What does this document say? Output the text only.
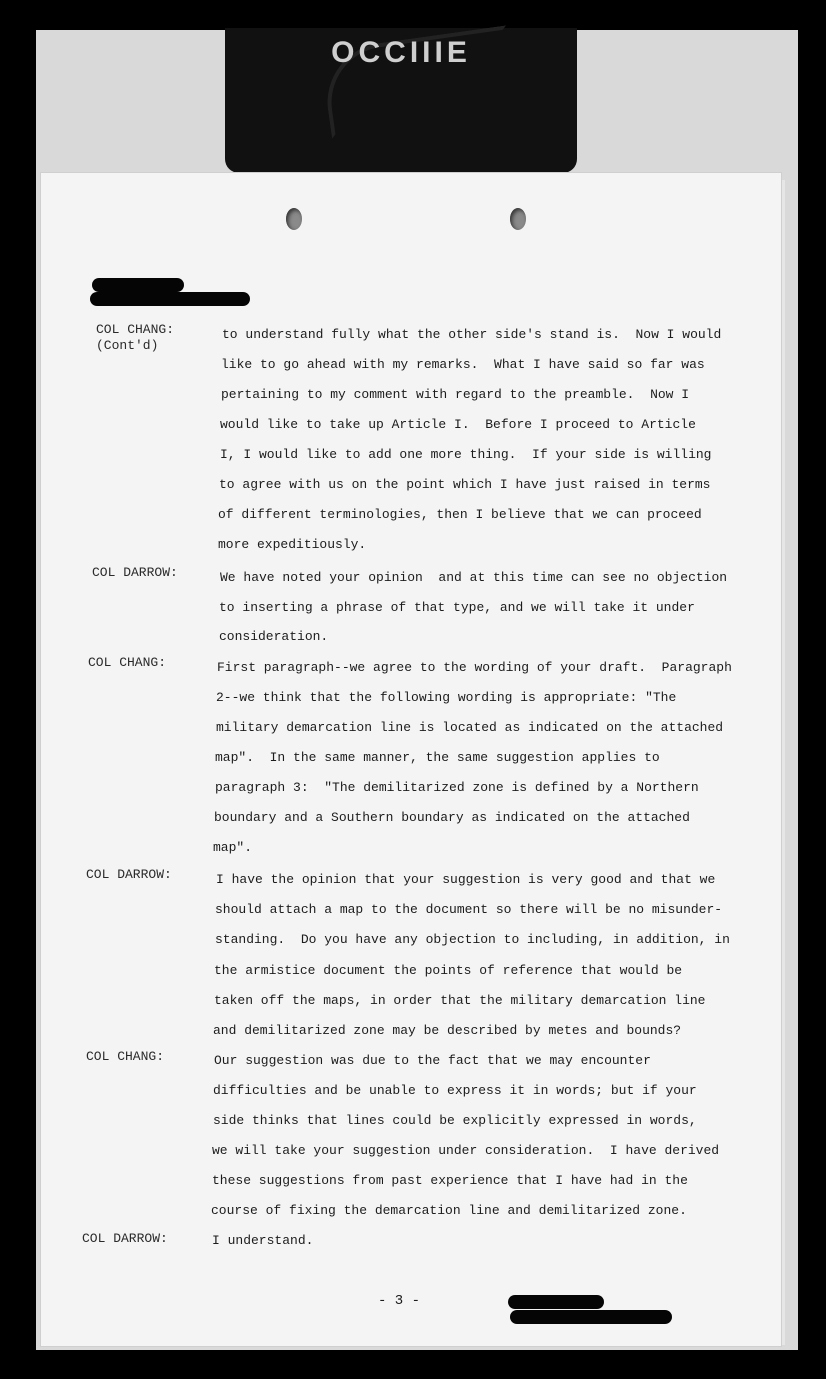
OCCIIIE
COL CHANG:
(Cont'd)
to understand fully what the other side's stand is.  Now I would
like to go ahead with my remarks.  What I have said so far was
pertaining to my comment with regard to the preamble.  Now I
would like to take up Article I.  Before I proceed to Article
I, I would like to add one more thing.  If your side is willing
to agree with us on the point which I have just raised in terms
of different terminologies, then I believe that we can proceed
more expeditiously.
COL DARROW:	We have noted your opinion  and at this time can see no objection
to inserting a phrase of that type, and we will take it under
consideration.
COL CHANG:	First paragraph--we agree to the wording of your draft.  Paragraph
2--we think that the following wording is appropriate: "The
military demarcation line is located as indicated on the attached
map".  In the same manner, the same suggestion applies to
paragraph 3:  "The demilitarized zone is defined by a Northern
boundary and a Southern boundary as indicated on the attached
map".
COL DARROW:	I have the opinion that your suggestion is very good and that we
should attach a map to the document so there will be no misunder-
standing.  Do you have any objection to including, in addition, in
the armistice document the points of reference that would be
taken off the maps, in order that the military demarcation line
and demilitarized zone may be described by metes and bounds?
COL CHANG:	Our suggestion was due to the fact that we may encounter
difficulties and be unable to express it in words; but if your
side thinks that lines could be explicitly expressed in words,
we will take your suggestion under consideration.  I have derived
these suggestions from past experience that I have had in the
course of fixing the demarcation line and demilitarized zone.
COL DARROW:	I understand.
- 3 -
